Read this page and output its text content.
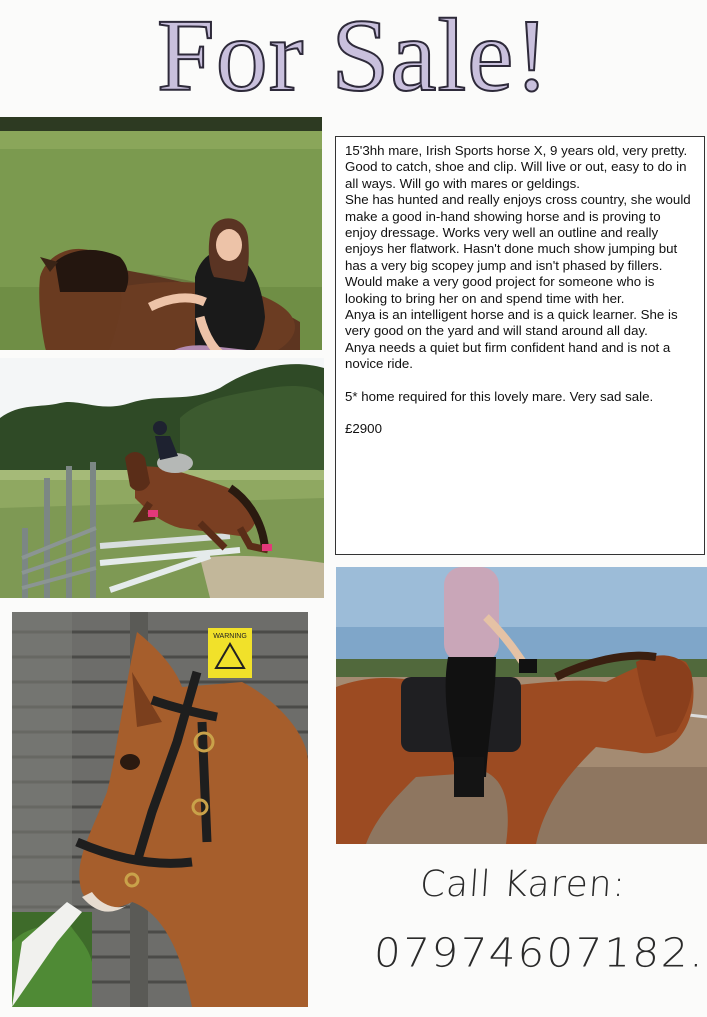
For Sale!

15'3hh mare, Irish Sports horse X, 9 years old, very pretty. Good to catch, shoe and clip. Will live or out, easy to do in all ways. Will go with mares or geldings.

She has hunted and really enjoys cross country, she would make a good in-hand showing horse and is proving to enjoy dressage. Works very well an outline and really enjoys her flatwork. Hasn't done much show jumping but has a very big scopey jump and isn't phased by fillers. Would make a very good project for someone who is looking to bring her on and spend time with her.

Anya is an intelligent horse and is a quick learner. She is very good on the yard and will stand around all day.

Anya needs a quiet but firm confident hand and is not a novice ride.

5* home required for this lovely mare. Very sad sale.

£2900

WARNING
Call Karen:
07974607182.
